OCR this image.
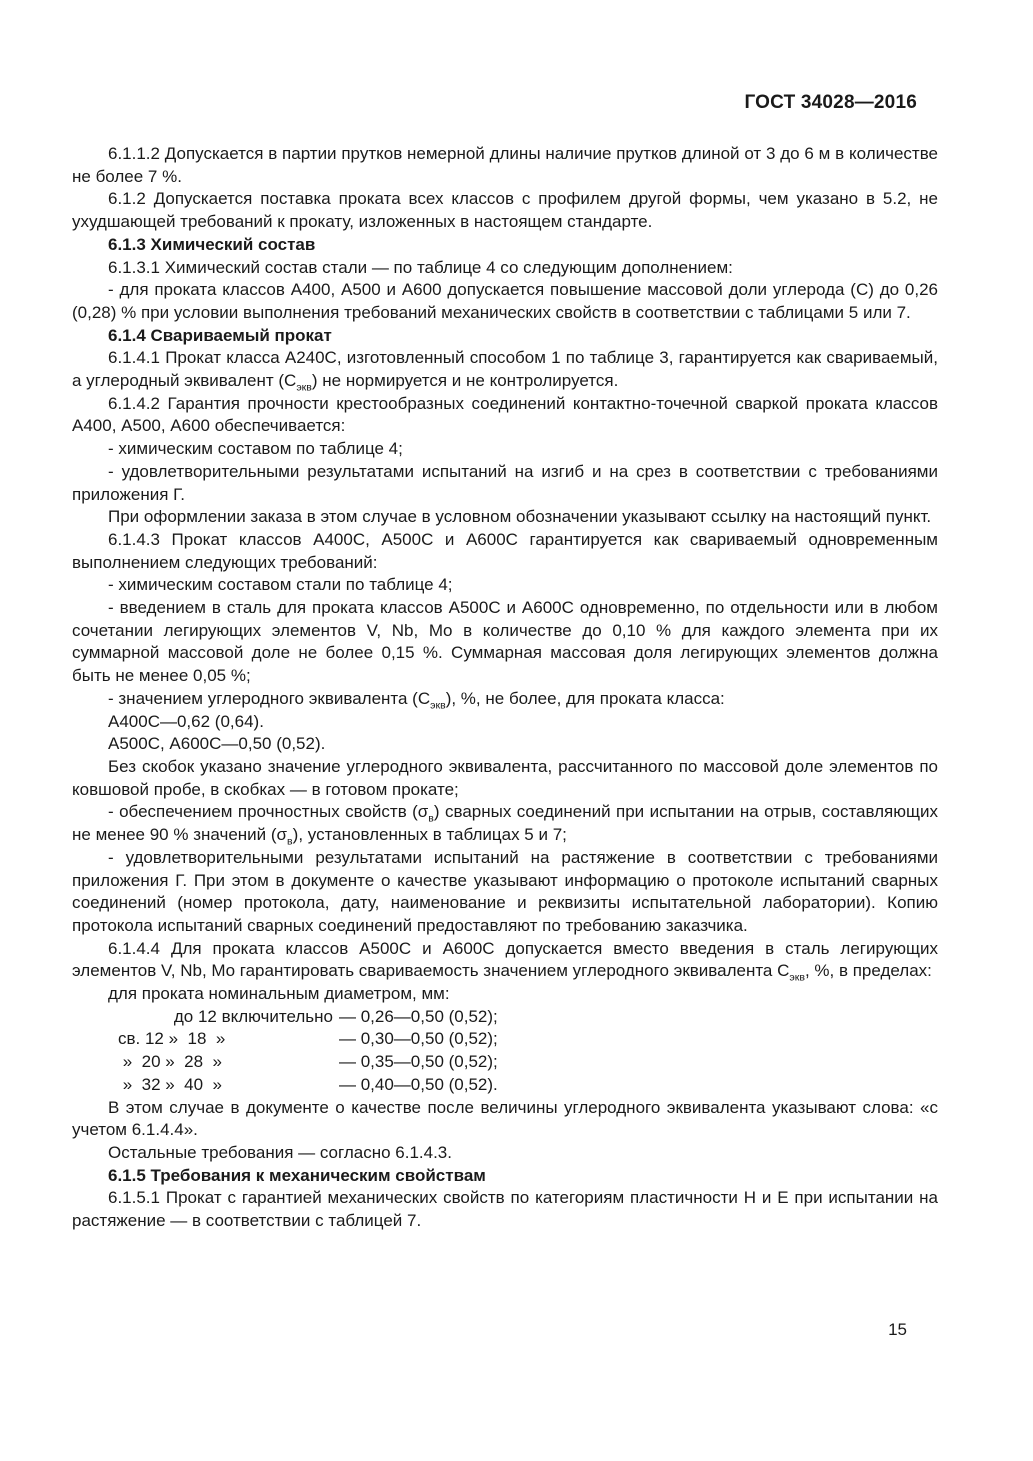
ГОСТ 34028—2016

6.1.1.2 Допускается в партии прутков немерной длины наличие прутков длиной от 3 до 6 м в количестве не более 7 %.

6.1.2 Допускается поставка проката всех классов с профилем другой формы, чем указано в 5.2, не ухудшающей требований к прокату, изложенных в настоящем стандарте.

6.1.3 Химический состав

6.1.3.1 Химический состав стали — по таблице 4 со следующим дополнением:

- для проката классов А400, А500 и А600 допускается повышение массовой доли углерода (С) до 0,26 (0,28) % при условии выполнения требований механических свойств в соответствии с таблицами 5 или 7.

6.1.4 Свариваемый прокат

6.1.4.1 Прокат класса А240С, изготовленный способом 1 по таблице 3, гарантируется как свариваемый, а углеродный эквивалент $(С_{экв})$ не нормируется и не контролируется.

6.1.4.2 Гарантия прочности крестообразных соединений контактно-точечной сваркой проката классов А400, А500, А600 обеспечивается:

- химическим составом по таблице 4;

- удовлетворительными результатами испытаний на изгиб и на срез в соответствии с требованиями приложения Г.

При оформлении заказа в этом случае в условном обозначении указывают ссылку на настоящий пункт.

6.1.4.3 Прокат классов А400С, А500С и А600С гарантируется как свариваемый одновременным выполнением следующих требований:

- химическим составом стали по таблице 4;

- введением в сталь для проката классов А500С и А600С одновременно, по отдельности или в любом сочетании легирующих элементов V, Nb, Mo в количестве до 0,10 % для каждого элемента при их суммарной массовой доле не более 0,15 %. Суммарная массовая доля легирующих элементов должна быть не менее 0,05 %;

- значением углеродного эквивалента $(С_{экв})$, %, не более, для проката класса:

А400С—0,62 (0,64).

А500С, А600С—0,50 (0,52).

Без скобок указано значение углеродного эквивалента, рассчитанного по массовой доле элементов по ковшовой пробе, в скобках — в готовом прокате;

- обеспечением прочностных свойств $(\sigma_в)$ сварных соединений при испытании на отрыв, составляющих не менее 90 % значений $(\sigma_в)$, установленных в таблицах 5 и 7;

- удовлетворительными результатами испытаний на растяжение в соответствии с требованиями приложения Г. При этом в документе о качестве указывают информацию о протоколе испытаний сварных соединений (номер протокола, дату, наименование и реквизиты испытательной лаборатории). Копию протокола испытаний сварных соединений предоставляют по требованию заказчика.

6.1.4.4 Для проката классов А500С и А600С допускается вместо введения в сталь легирующих элементов V, Nb, Mo гарантировать свариваемость значением углеродного эквивалента $С_{экв}$, %, в пределах:

для проката номинальным диаметром, мм:

до 12 включительно — 0,26—0,50 (0,52);
св. 12 »  18  »	— 0,30—0,50 (0,52);
»  20 »  28  »	— 0,35—0,50 (0,52);
»  32 »  40  »	— 0,40—0,50 (0,52).

В этом случае в документе о качестве после величины углеродного эквивалента указывают слова: «с учетом 6.1.4.4».

Остальные требования — согласно 6.1.4.3.

6.1.5 Требования к механическим свойствам

6.1.5.1 Прокат с гарантией механических свойств по категориям пластичности Н и Е при испытании на растяжение — в соответствии с таблицей 7.

15
